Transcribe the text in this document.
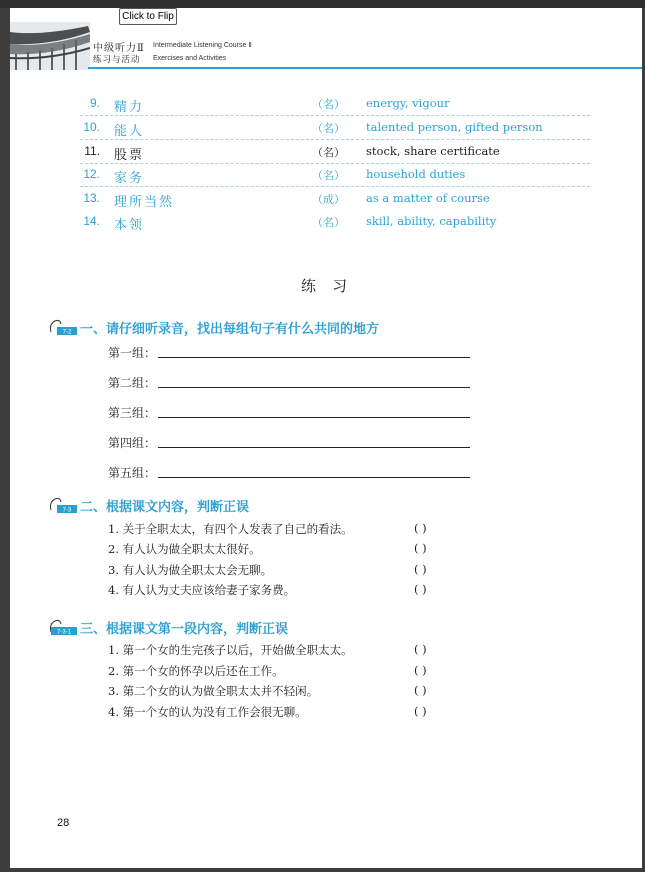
Click to Flip
中级听力Ⅱ Intermediate Listening Course Ⅱ
练习与活动 Exercises and Activities
9. 精力	（名） energy, vigour
10. 能人	（名） talented person, gifted person
11. 股票	（名） stock, share certificate
12. 家务	（名） household duties
13. 理所当然	（成） as a matter of course
14. 本领	（名） skill, ability, capability
练习
7-2 一、请仔细听录音，找出每组句子有什么共同的地方
第一组：
第二组：
第三组：
第四组：
第五组：
7-3 二、根据课文内容，判断正误
1. 关于全职太太，有四个人发表了自己的看法。	( )
2. 有人认为做全职太太很好。	( )
3. 有人认为做全职太太会无聊。	( )
4. 有人认为丈夫应该给妻子家务费。	( )
7-3-1 三、根据课文第一段内容，判断正误
1. 第一个女的生完孩子以后，开始做全职太太。	( )
2. 第一个女的怀孕以后还在工作。	( )
3. 第二个女的认为做全职太太并不轻闲。	( )
4. 第一个女的认为没有工作会很无聊。	( )
28
